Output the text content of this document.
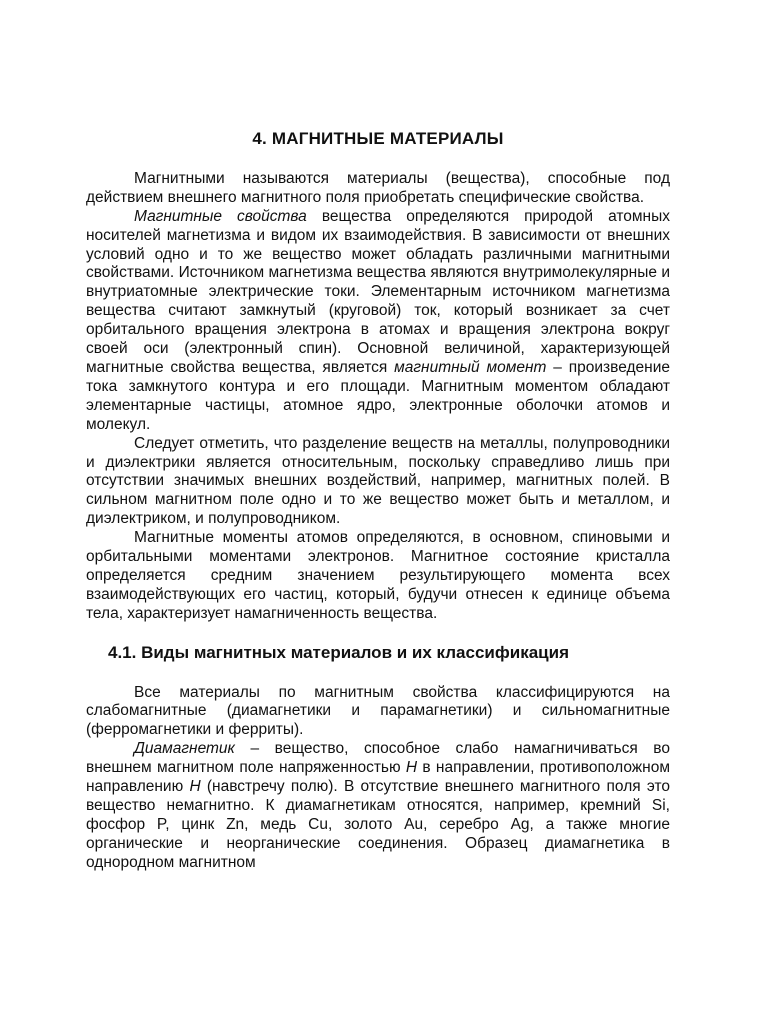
4. МАГНИТНЫЕ МАТЕРИАЛЫ

Магнитными называются материалы (вещества), способные под действием внешнего магнитного поля приобретать специфические свойства.

Магнитные свойства вещества определяются природой атомных носителей магнетизма и видом их взаимодействия. В зависимости от внешних условий одно и то же вещество может обладать различными магнитными свойствами. Источником магнетизма вещества являются внутримолекулярные и внутриатомные электрические токи. Элементарным источником магнетизма вещества считают замкнутый (круговой) ток, который возникает за счет орбитального вращения электрона в атомах и вращения электрона вокруг своей оси (электронный спин). Основной величиной, характеризующей магнитные свойства вещества, является магнитный момент – произведение тока замкнутого контура и его площади. Магнитным моментом обладают элементарные частицы, атомное ядро, электронные оболочки атомов и молекул.

Следует отметить, что разделение веществ на металлы, полупроводники и диэлектрики является относительным, поскольку справедливо лишь при отсутствии значимых внешних воздействий, например, магнитных полей. В сильном магнитном поле одно и то же вещество может быть и металлом, и диэлектриком, и полупроводником.

Магнитные моменты атомов определяются, в основном, спиновыми и орбитальными моментами электронов. Магнитное состояние кристалла определяется средним значением результирующего момента всех взаимодействующих его частиц, который, будучи отнесен к единице объема тела, характеризует намагниченность вещества.

4.1. Виды магнитных материалов и их классификация

Все материалы по магнитным свойства классифицируются на слабомагнитные (диамагнетики и парамагнетики) и сильномагнитные (ферромагнетики и ферриты).

Диамагнетик – вещество, способное слабо намагничиваться во внешнем магнитном поле напряженностью H в направлении, противоположном направлению H (навстречу полю). В отсутствие внешнего магнитного поля это вещество немагнитно. К диамагнетикам относятся, например, кремний Si, фосфор P, цинк Zn, медь Cu, золото Au, серебро Ag, а также многие органические и неорганические соединения. Образец диамагнетика в однородном магнитном
